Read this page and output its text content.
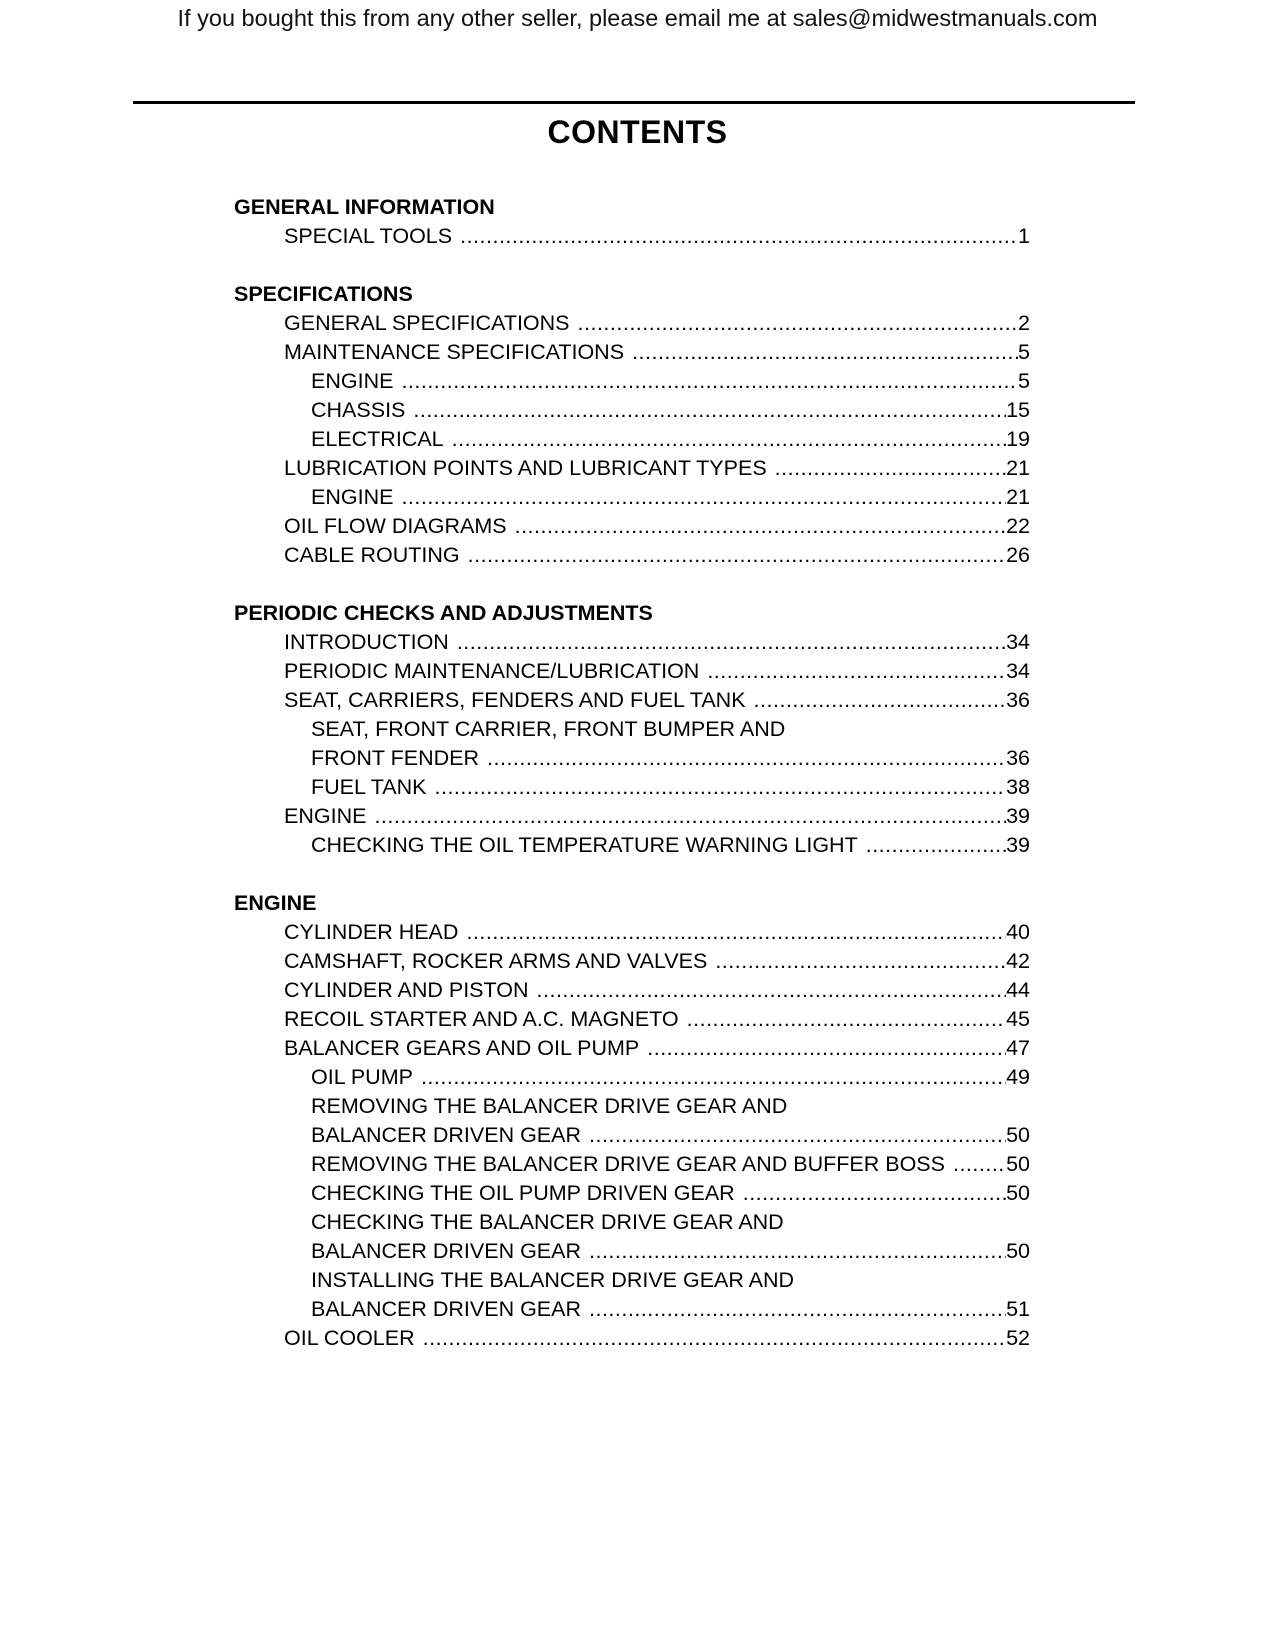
If you bought this from any other seller, please email me at sales@midwestmanuals.com
CONTENTS
GENERAL INFORMATION
SPECIAL TOOLS .....	1
SPECIFICATIONS
GENERAL SPECIFICATIONS .....	2
MAINTENANCE SPECIFICATIONS .....	5
ENGINE .....	5
CHASSIS .....	15
ELECTRICAL .....	19
LUBRICATION POINTS AND LUBRICANT TYPES .....	21
ENGINE .....	21
OIL FLOW DIAGRAMS .....	22
CABLE ROUTING .....	26
PERIODIC CHECKS AND ADJUSTMENTS
INTRODUCTION .....	34
PERIODIC MAINTENANCE/LUBRICATION .....	34
SEAT, CARRIERS, FENDERS AND FUEL TANK .....	36
SEAT, FRONT CARRIER, FRONT BUMPER AND
FRONT FENDER .....	36
FUEL TANK .....	38
ENGINE .....	39
CHECKING THE OIL TEMPERATURE WARNING LIGHT .....	39
ENGINE
CYLINDER HEAD .....	40
CAMSHAFT, ROCKER ARMS AND VALVES .....	42
CYLINDER AND PISTON .....	44
RECOIL STARTER AND A.C. MAGNETO .....	45
BALANCER GEARS AND OIL PUMP .....	47
OIL PUMP .....	49
REMOVING THE BALANCER DRIVE GEAR AND
BALANCER DRIVEN GEAR .....	50
REMOVING THE BALANCER DRIVE GEAR AND BUFFER BOSS .....	50
CHECKING THE OIL PUMP DRIVEN GEAR .....	50
CHECKING THE BALANCER DRIVE GEAR AND
BALANCER DRIVEN GEAR .....	50
INSTALLING THE BALANCER DRIVE GEAR AND
BALANCER DRIVEN GEAR .....	51
OIL COOLER .....	52
